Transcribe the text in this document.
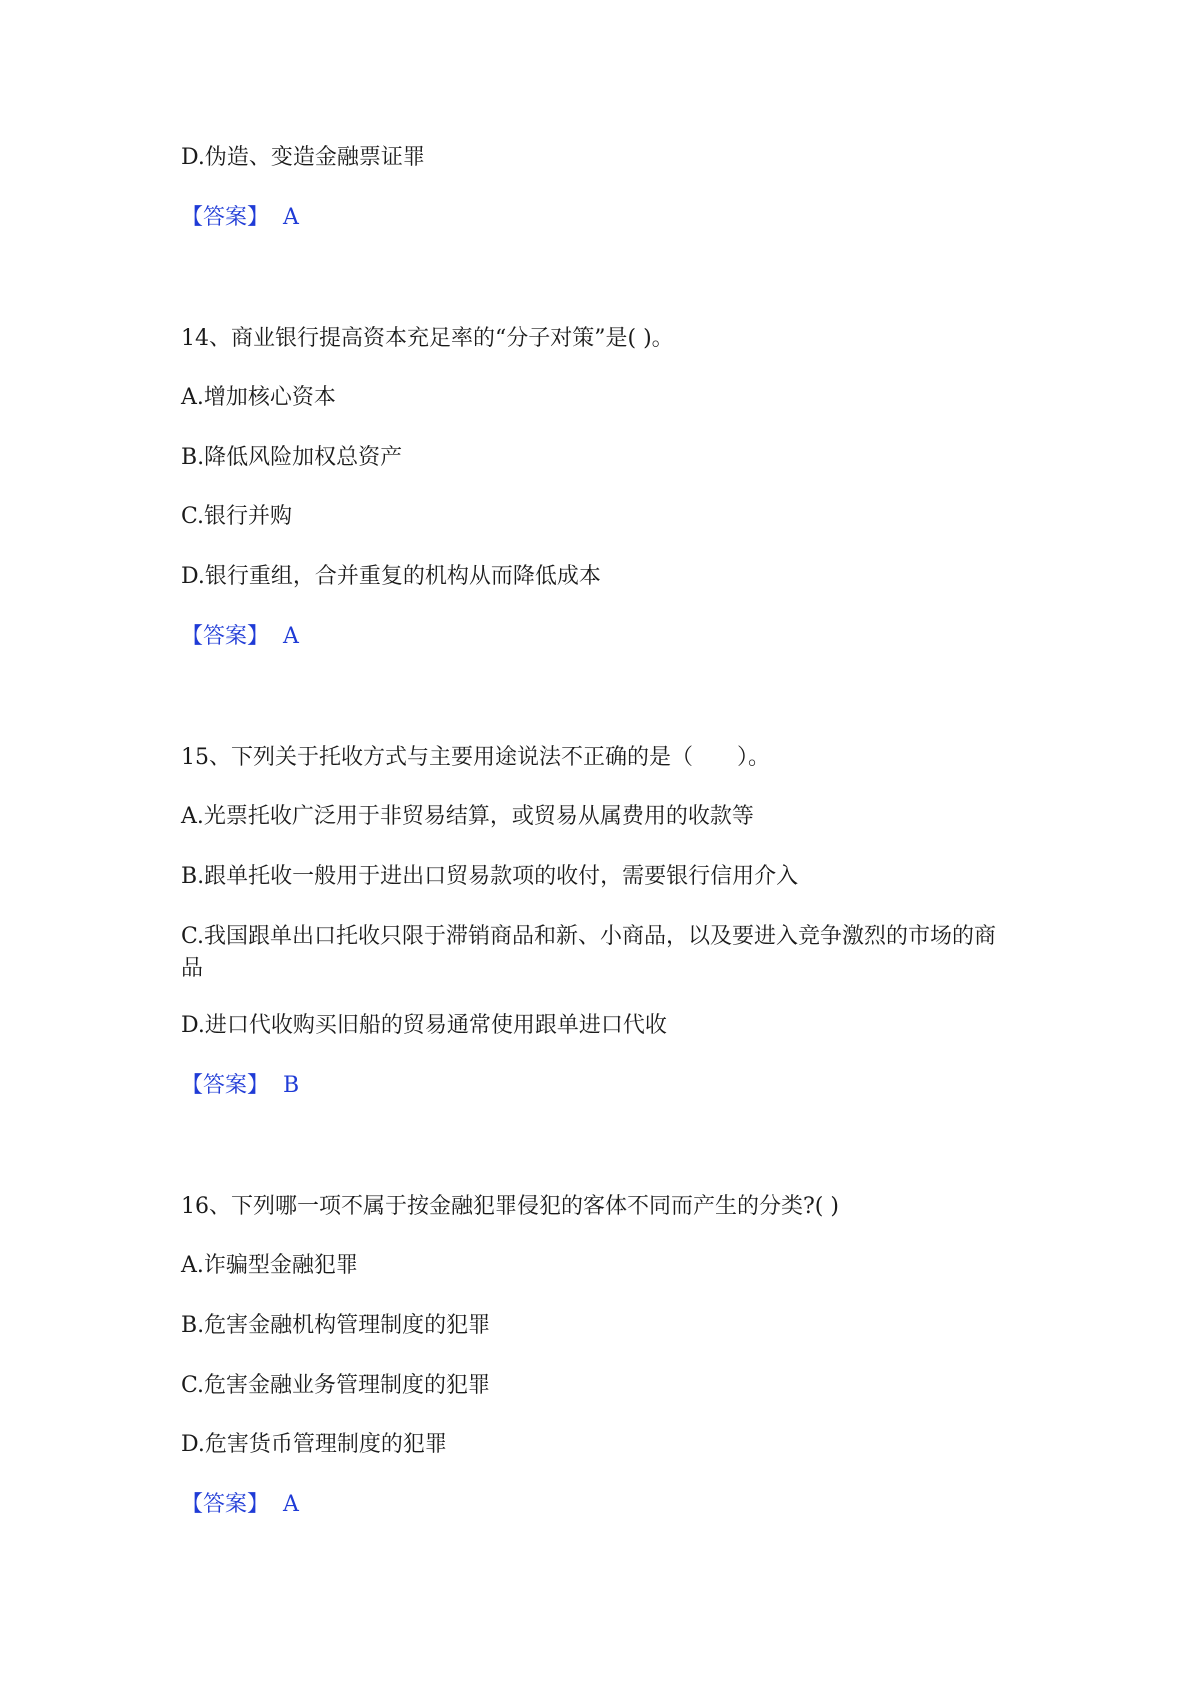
D.伪造、变造金融票证罪
【答案】 A
14、商业银行提高资本充足率的“分子对策”是( )。
A.增加核心资本
B.降低风险加权总资产
C.银行并购
D.银行重组，合并重复的机构从而降低成本
【答案】 A
15、下列关于托收方式与主要用途说法不正确的是（　　）。
A.光票托收广泛用于非贸易结算，或贸易从属费用的收款等
B.跟单托收一般用于进出口贸易款项的收付，需要银行信用介入
C.我国跟单出口托收只限于滞销商品和新、小商品，以及要进入竞争激烈的市场的商品
D.进口代收购买旧船的贸易通常使用跟单进口代收
【答案】 B
16、下列哪一项不属于按金融犯罪侵犯的客体不同而产生的分类?( )
A.诈骗型金融犯罪
B.危害金融机构管理制度的犯罪
C.危害金融业务管理制度的犯罪
D.危害货币管理制度的犯罪
【答案】 A
